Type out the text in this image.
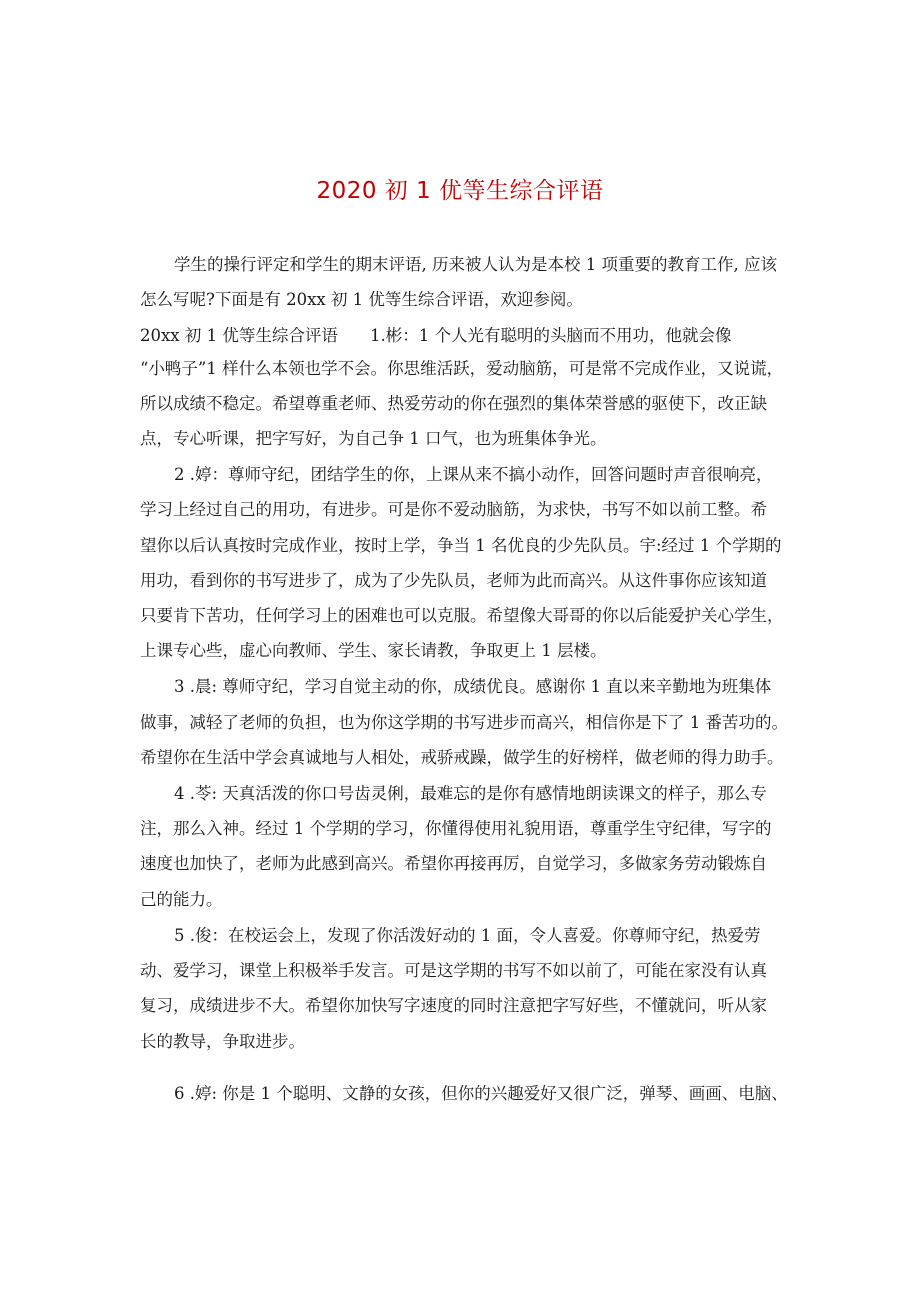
2020 初 1 优等生综合评语
学生的操行评定和学生的期末评语, 历来被人认为是本校 1 项重要的教育工作, 应该
怎么写呢?下面是有 20xx 初 1 优等生综合评语，欢迎参阅。
20xx 初 1 优等生综合评语 1.彬：1 个人光有聪明的头脑而不用功，他就会像
“小鸭子”1 样什么本领也学不会。你思维活跃，爱动脑筋，可是常不完成作业，又说谎，
所以成绩不稳定。希望尊重老师、热爱劳动的你在强烈的集体荣誉感的驱使下，改正缺
点，专心听课，把字写好，为自己争 1 口气，也为班集体争光。
2 .婷：尊师守纪，团结学生的你，上课从来不搞小动作，回答问题时声音很响亮，
学习上经过自己的用功，有进步。可是你不爱动脑筋，为求快，书写不如以前工整。希
望你以后认真按时完成作业，按时上学，争当 1 名优良的少先队员。宇:经过 1 个学期的
用功，看到你的书写进步了，成为了少先队员，老师为此而高兴。从这件事你应该知道
只要肯下苦功，任何学习上的困难也可以克服。希望像大哥哥的你以后能爱护关心学生，
上课专心些，虚心向教师、学生、家长请教，争取更上 1 层楼。
3 .晨: 尊师守纪，学习自觉主动的你，成绩优良。感谢你 1 直以来辛勤地为班集体
做事，减轻了老师的负担，也为你这学期的书写进步而高兴，相信你是下了 1 番苦功的。
希望你在生活中学会真诚地与人相处，戒骄戒躁，做学生的好榜样，做老师的得力助手。
4 .苓: 天真活泼的你口号齿灵俐，最难忘的是你有感情地朗读课文的样子，那么专
注，那么入神。经过 1 个学期的学习，你懂得使用礼貌用语，尊重学生守纪律，写字的
速度也加快了，老师为此感到高兴。希望你再接再厉，自觉学习，多做家务劳动锻炼自
己的能力。
5 .俊：在校运会上，发现了你活泼好动的 1 面，令人喜爱。你尊师守纪，热爱劳
动、爱学习，课堂上积极举手发言。可是这学期的书写不如以前了，可能在家没有认真
复习，成绩进步不大。希望你加快写字速度的同时注意把字写好些，不懂就问，听从家
长的教导，争取进步。
6 .婷: 你是 1 个聪明、文静的女孩，但你的兴趣爱好又很广泛，弹琴、画画、电脑、
